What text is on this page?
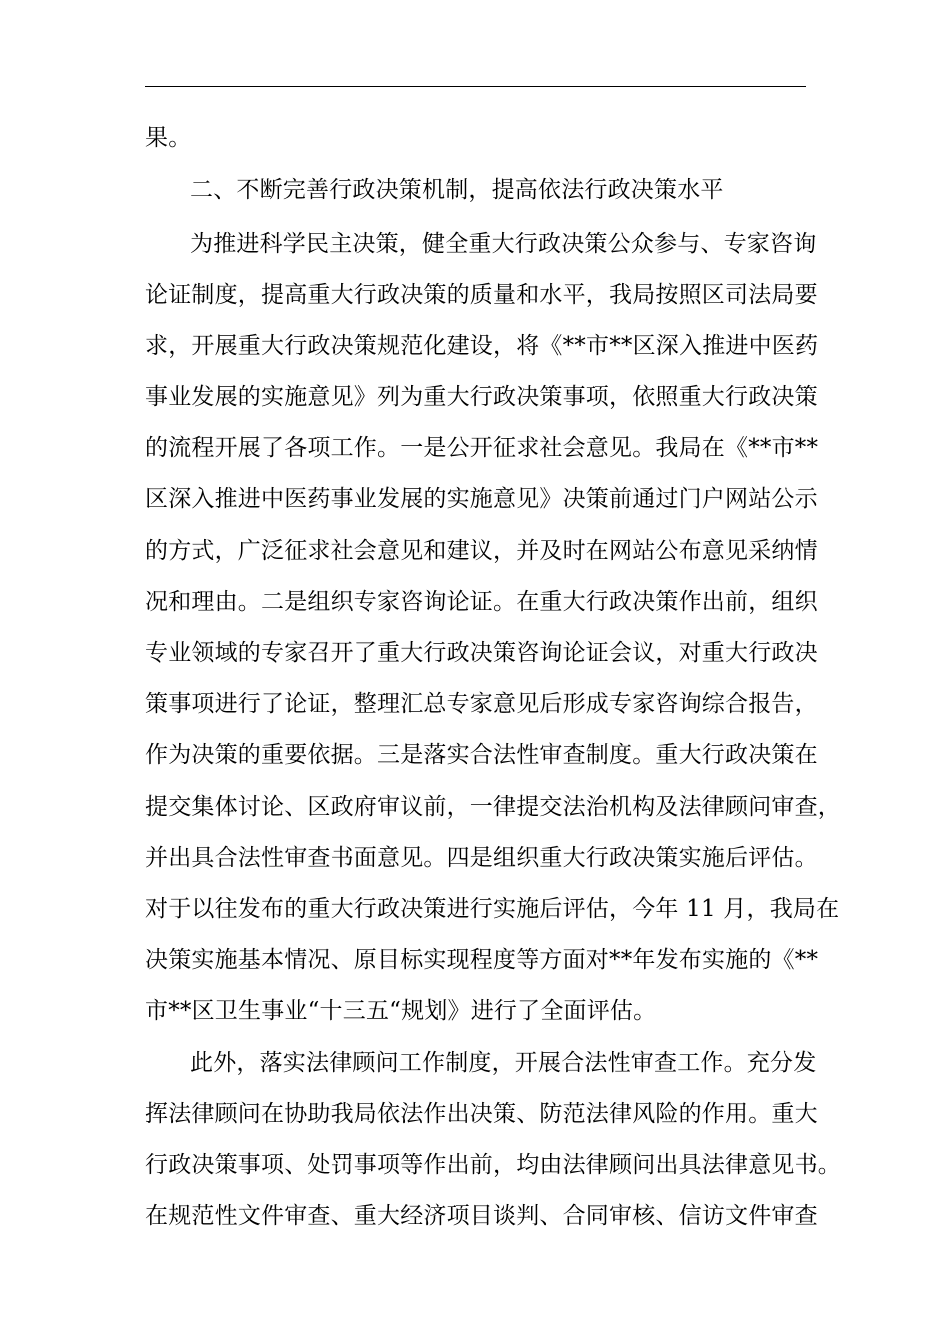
果。
二、不断完善行政决策机制，提高依法行政决策水平
为推进科学民主决策，健全重大行政决策公众参与、专家咨询
论证制度，提高重大行政决策的质量和水平，我局按照区司法局要
求，开展重大行政决策规范化建设，将《**市**区深入推进中医药
事业发展的实施意见》列为重大行政决策事项，依照重大行政决策
的流程开展了各项工作。一是公开征求社会意见。我局在《**市**
区深入推进中医药事业发展的实施意见》决策前通过门户网站公示
的方式，广泛征求社会意见和建议，并及时在网站公布意见采纳情
况和理由。二是组织专家咨询论证。在重大行政决策作出前，组织
专业领域的专家召开了重大行政决策咨询论证会议，对重大行政决
策事项进行了论证，整理汇总专家意见后形成专家咨询综合报告，
作为决策的重要依据。三是落实合法性审查制度。重大行政决策在
提交集体讨论、区政府审议前，一律提交法治机构及法律顾问审查，
并出具合法性审查书面意见。四是组织重大行政决策实施后评估。
对于以往发布的重大行政决策进行实施后评估，今年 11 月，我局在
决策实施基本情况、原目标实现程度等方面对**年发布实施的《**
市**区卫生事业“十三五“规划》进行了全面评估。
此外，落实法律顾问工作制度，开展合法性审查工作。充分发
挥法律顾问在协助我局依法作出决策、防范法律风险的作用。重大
行政决策事项、处罚事项等作出前，均由法律顾问出具法律意见书。
在规范性文件审查、重大经济项目谈判、合同审核、信访文件审查
